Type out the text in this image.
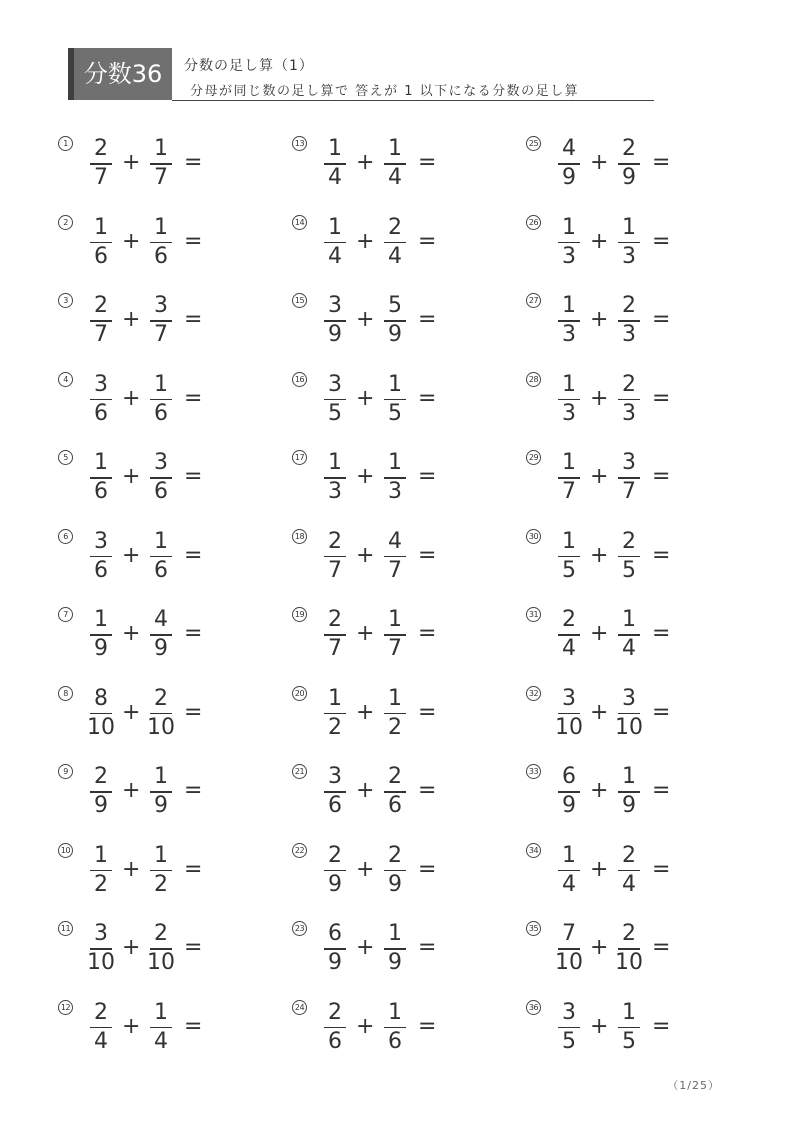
分数36	分数の足し算（1）
分母が同じ数の足し算で 答えが 1 以下になる分数の足し算
1	2
7
+
1
7
=
2	1
6
+
1
6
=
3	2
7
+
3
7
=
4	3
6
+
1
6
=
5	1
6
+
3
6
=
6	3
6
+
1
6
=
7	1
9
+
4
9
=
8	8
10
+
2
10
=
9	2
9
+
1
9
=
10	1
2
+
1
2
=
11	3
10
+
2
10
=
12	2
4
+
1
4
=
13	1
4
+
1
4
=
14	1
4
+
2
4
=
15	3
9
+
5
9
=
16	3
5
+
1
5
=
17	1
3
+
1
3
=
18	2
7
+
4
7
=
19	2
7
+
1
7
=
20	1
2
+
1
2
=
21	3
6
+
2
6
=
22	2
9
+
2
9
=
23	6
9
+
1
9
=
24	2
6
+
1
6
=
25	4
9
+
2
9
=
26	1
3
+
1
3
=
27	1
3
+
2
3
=
28	1
3
+
2
3
=
29	1
7
+
3
7
=
30	1
5
+
2
5
=
31	2
4
+
1
4
=
32	3
10
+
3
10
=
33	6
9
+
1
9
=
34	1
4
+
2
4
=
35	7
10
+
2
10
=
36	3
5
+
1
5
=
（1/25）
